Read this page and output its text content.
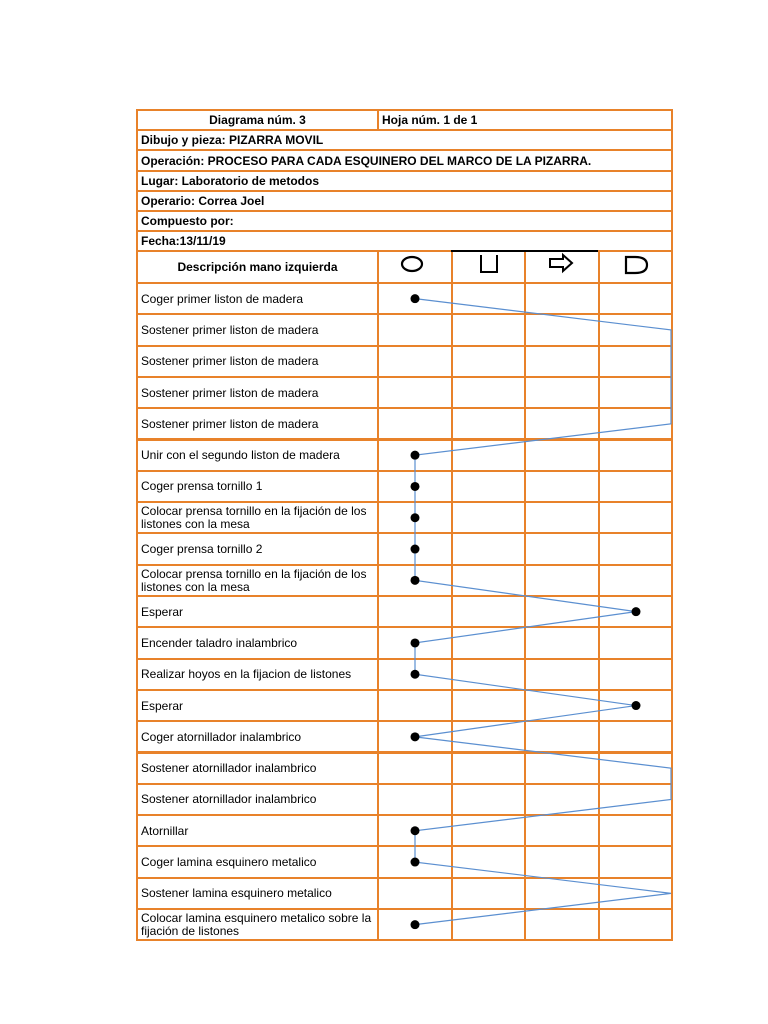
Diagrama núm. 3	Hoja núm. 1 de 1
Dibujo y pieza: PIZARRA MOVIL
Operación: PROCESO PARA CADA ESQUINERO DEL MARCO DE LA PIZARRA.
Lugar: Laboratorio de metodos
Operario: Correa Joel
Compuesto por:
Fecha:13/11/19
Descripción mano izquierda
Coger primer liston de madera
Sostener primer liston de madera
Sostener primer liston de madera
Sostener primer liston de madera
Sostener primer liston de madera
Unir con el segundo liston de madera
Coger prensa tornillo 1
Colocar prensa tornillo en la fijación de los listones con la mesa
Coger prensa tornillo 2
Colocar prensa tornillo en la fijación de los listones con la mesa
Esperar
Encender taladro inalambrico
Realizar hoyos en la fijacion de listones
Esperar
Coger atornillador inalambrico
Sostener atornillador inalambrico
Sostener atornillador inalambrico
Atornillar
Coger lamina esquinero metalico
Sostener lamina esquinero metalico
Colocar lamina esquinero metalico sobre la fijación de listones
